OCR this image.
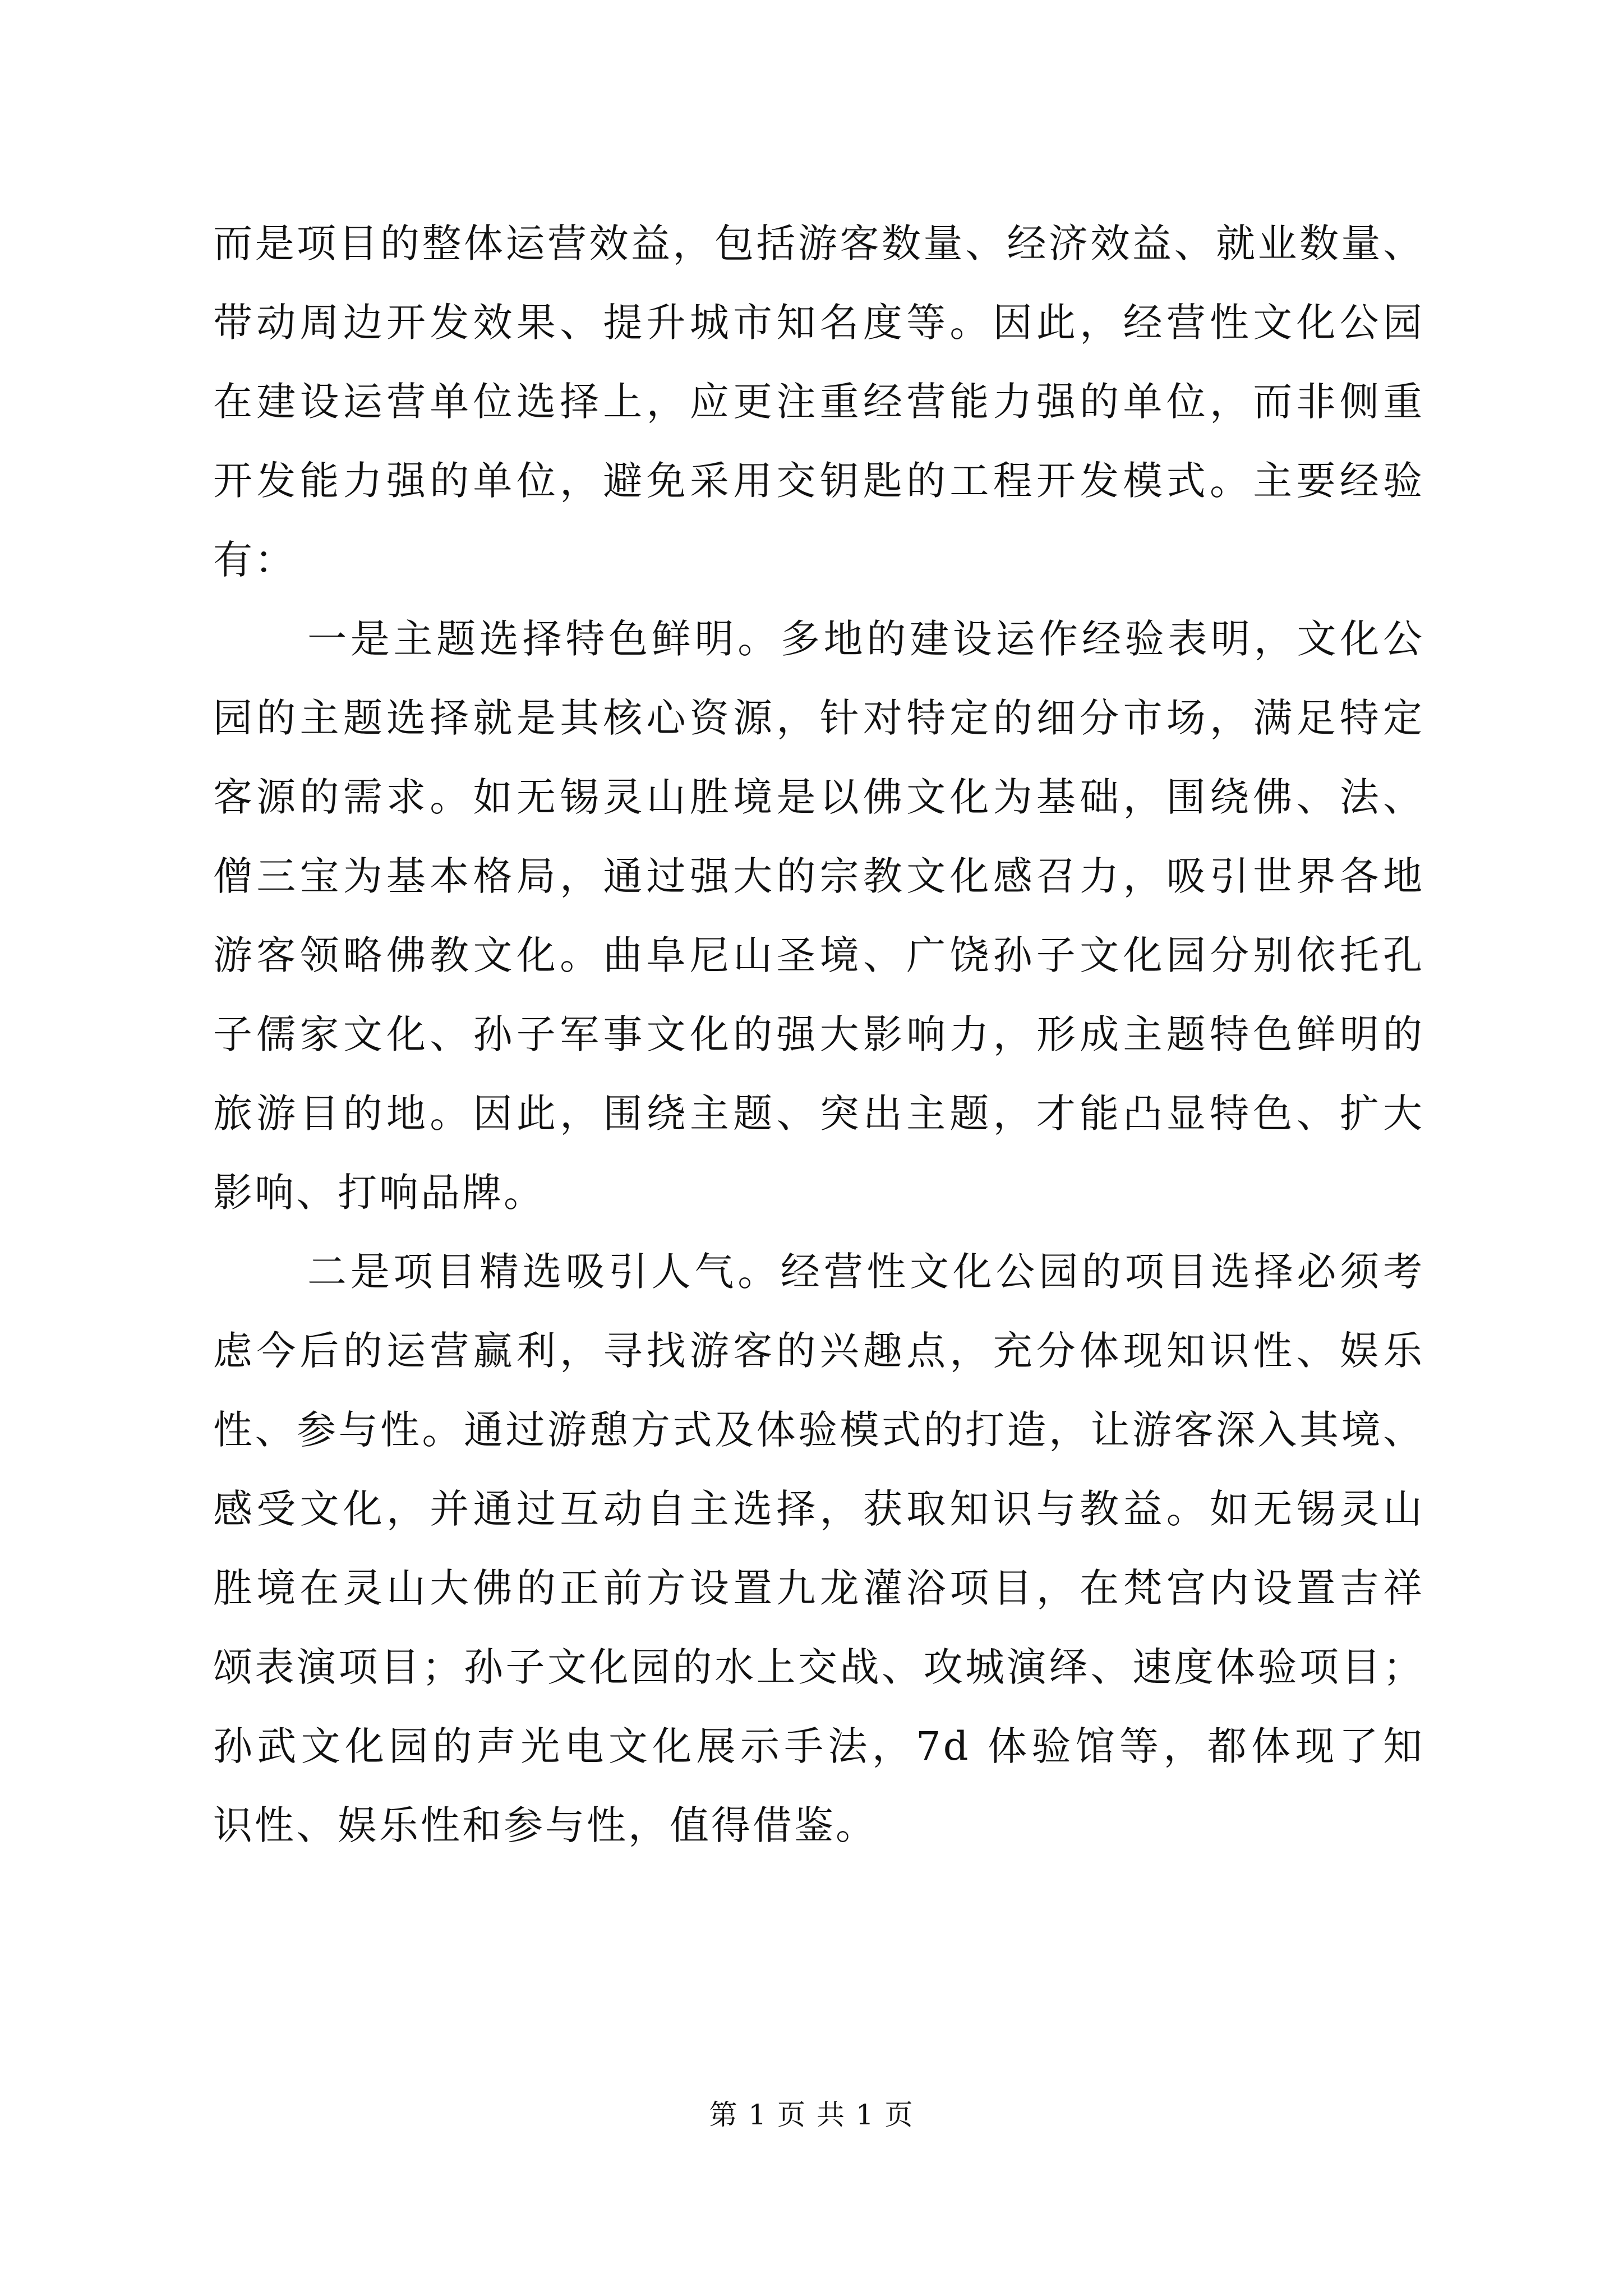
而是项目的整体运营效益，包括游客数量、经济效益、就业数量、
带动周边开发效果、提升城市知名度等。因此，经营性文化公园
在建设运营单位选择上，应更注重经营能力强的单位，而非侧重
开发能力强的单位，避免采用交钥匙的工程开发模式。主要经验
有：
一是主题选择特色鲜明。多地的建设运作经验表明，文化公
园的主题选择就是其核心资源，针对特定的细分市场，满足特定
客源的需求。如无锡灵山胜境是以佛文化为基础，围绕佛、法、
僧三宝为基本格局，通过强大的宗教文化感召力，吸引世界各地
游客领略佛教文化。曲阜尼山圣境、广饶孙子文化园分别依托孔
子儒家文化、孙子军事文化的强大影响力，形成主题特色鲜明的
旅游目的地。因此，围绕主题、突出主题，才能凸显特色、扩大
影响、打响品牌。
二是项目精选吸引人气。经营性文化公园的项目选择必须考
虑今后的运营赢利，寻找游客的兴趣点，充分体现知识性、娱乐
性、参与性。通过游憩方式及体验模式的打造，让游客深入其境、
感受文化，并通过互动自主选择，获取知识与教益。如无锡灵山
胜境在灵山大佛的正前方设置九龙灌浴项目，在梵宫内设置吉祥
颂表演项目；孙子文化园的水上交战、攻城演绎、速度体验项目；
孙武文化园的声光电文化展示手法，7d 体验馆等，都体现了知
识性、娱乐性和参与性，值得借鉴。
第 1 页 共 1 页
